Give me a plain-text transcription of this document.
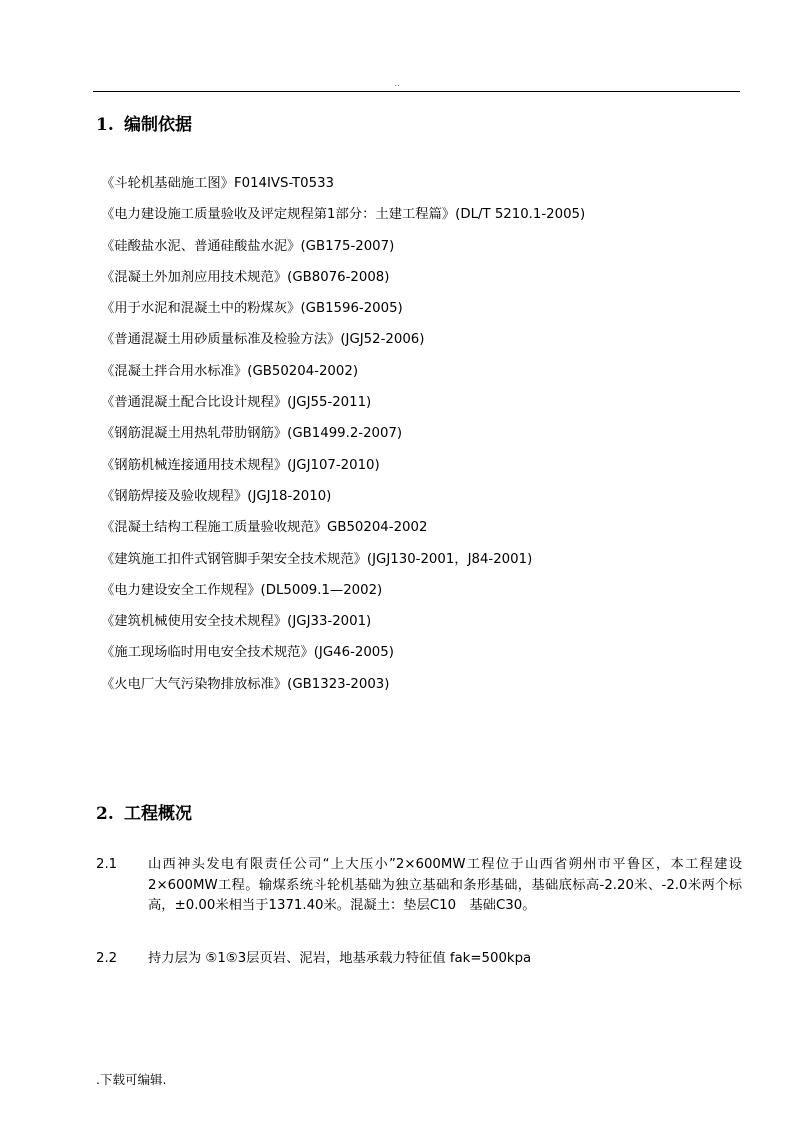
..
1. 编制依据
《斗轮机基础施工图》F014IVS-T0533
《电力建设施工质量验收及评定规程第1部分：土建工程篇》(DL/T 5210.1-2005)
《硅酸盐水泥、普通硅酸盐水泥》(GB175-2007)
《混凝土外加剂应用技术规范》(GB8076-2008)
《用于水泥和混凝土中的粉煤灰》(GB1596-2005)
《普通混凝土用砂质量标准及检验方法》(JGJ52-2006)
《混凝土拌合用水标准》(GB50204-2002)
《普通混凝土配合比设计规程》(JGJ55-2011)
《钢筋混凝土用热轧带肋钢筋》(GB1499.2-2007)
《钢筋机械连接通用技术规程》(JGJ107-2010)
《钢筋焊接及验收规程》(JGJ18-2010)
《混凝土结构工程施工质量验收规范》GB50204-2002
《建筑施工扣件式钢管脚手架安全技术规范》(JGJ130-2001，J84-2001)
《电力建设安全工作规程》(DL5009.1—2002)
《建筑机械使用安全技术规程》(JGJ33-2001)
《施工现场临时用电安全技术规范》(JG46-2005)
《火电厂大气污染物排放标准》(GB1323-2003)
2. 工程概况
2.1	山西神头发电有限责任公司“上大压小”2×600MW工程位于山西省朔州市平鲁区，本工程建设2×600MW工程。输煤系统斗轮机基础为独立基础和条形基础，基础底标高-2.20米、-2.0米两个标高，±0.00米相当于1371.40米。混凝土：垫层C10　基础C30。
2.2	持力层为 ⑤1⑤3层页岩、泥岩，地基承载力特征值 fak=500kpa
.下载可编辑.
